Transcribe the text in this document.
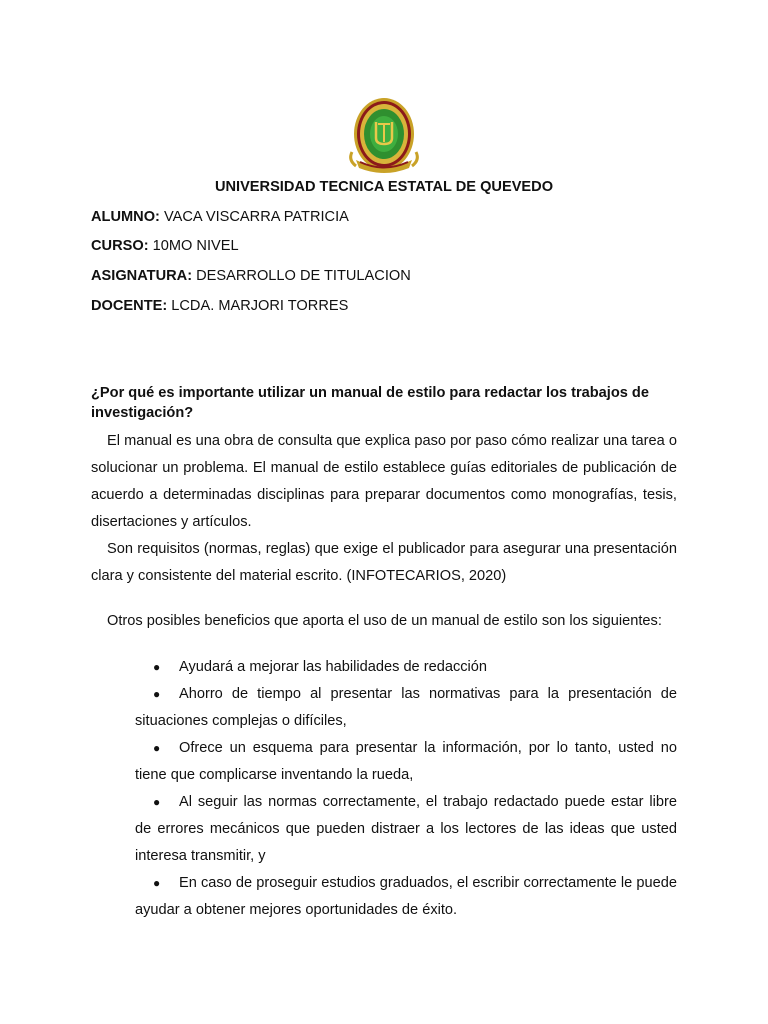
UNIVERSIDAD TECNICA ESTATAL DE QUEVEDO
ALUMNO: VACA VISCARRA PATRICIA
CURSO: 10MO NIVEL
ASIGNATURA: DESARROLLO DE TITULACION
DOCENTE: LCDA. MARJORI TORRES
¿Por qué es importante utilizar un manual de estilo para redactar los trabajos de investigación?
El manual es una obra de consulta que explica paso por paso cómo realizar una tarea o solucionar un problema. El manual de estilo establece guías editoriales de publicación de acuerdo a determinadas disciplinas para preparar documentos como monografías, tesis, disertaciones y artículos.
Son requisitos (normas, reglas) que exige el publicador para asegurar una presentación clara y consistente del material escrito. (INFOTECARIOS, 2020)
Otros posibles beneficios que aporta el uso de un manual de estilo son los siguientes:
● Ayudará a mejorar las habilidades de redacción
● Ahorro de tiempo al presentar las normativas para la presentación de situaciones complejas o difíciles,
● Ofrece un esquema para presentar la información, por lo tanto, usted no tiene que complicarse inventando la rueda,
● Al seguir las normas correctamente, el trabajo redactado puede estar libre de errores mecánicos que pueden distraer a los lectores de las ideas que usted interesa transmitir, y
● En caso de proseguir estudios graduados, el escribir correctamente le puede ayudar a obtener mejores oportunidades de éxito.
